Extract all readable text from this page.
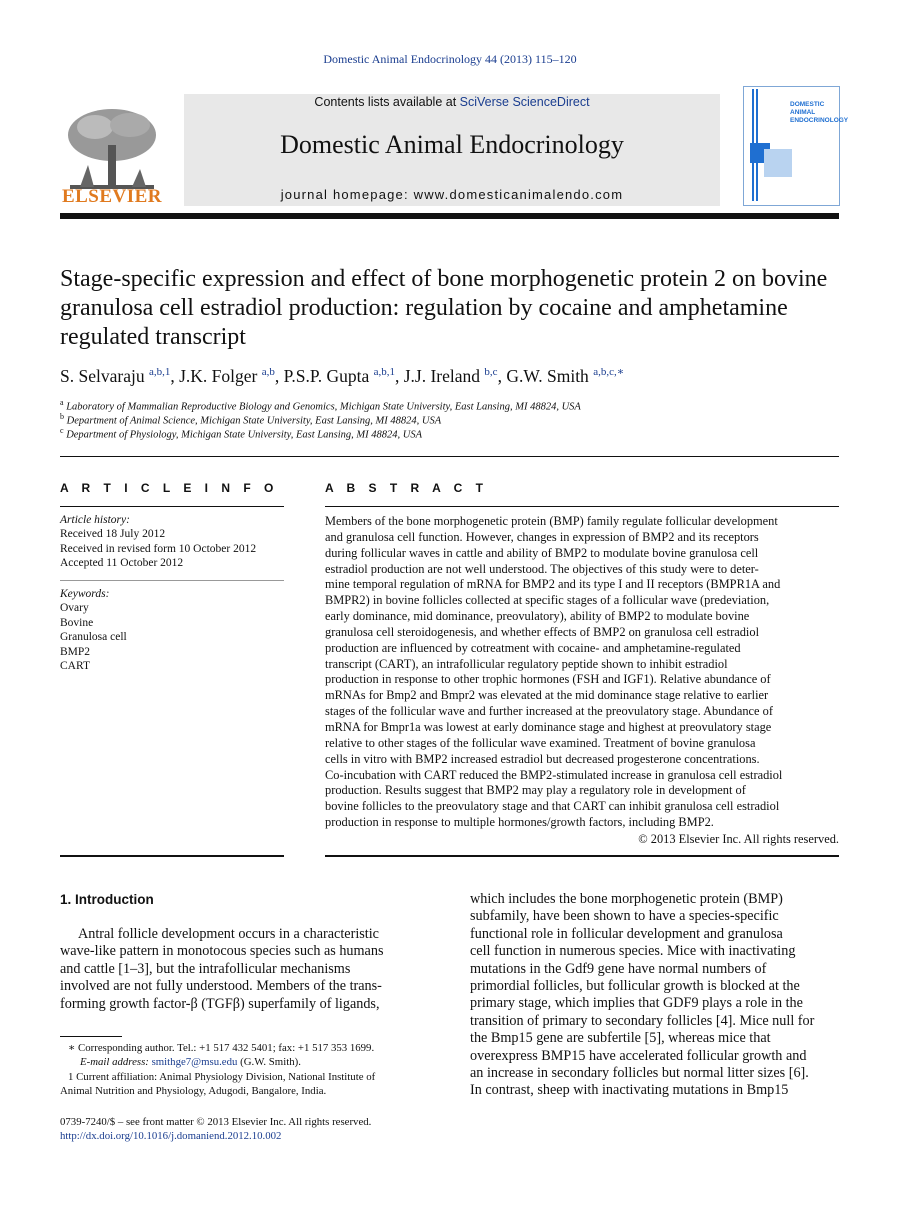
Domestic Animal Endocrinology 44 (2013) 115–120
ELSEVIER
Contents lists available at SciVerse ScienceDirect
Domestic Animal Endocrinology
journal homepage: www.domesticanimalendo.com
DOMESTIC ANIMAL ENDOCRINOLOGY
Stage-specific expression and effect of bone morphogenetic protein 2 on bovine granulosa cell estradiol production: regulation by cocaine and amphetamine regulated transcript
S. Selvaraju $^{a,b,1}$, J.K. Folger $^{a,b}$, P.S.P. Gupta $^{a,b,1}$, J.J. Ireland $^{b,c}$, G.W. Smith $^{a,b,c,∗}$
$^a$ Laboratory of Mammalian Reproductive Biology and Genomics, Michigan State University, East Lansing, MI 48824, USA
$^b$ Department of Animal Science, Michigan State University, East Lansing, MI 48824, USA
$^c$ Department of Physiology, Michigan State University, East Lansing, MI 48824, USA
A R T I C L E I N F O
Article history:
Received 18 July 2012
Received in revised form 10 October 2012
Accepted 11 October 2012
Keywords:
Ovary
Bovine
Granulosa cell
BMP2
CART
A B S T R A C T
Members of the bone morphogenetic protein (BMP) family regulate follicular development
and granulosa cell function. However, changes in expression of BMP2 and its receptors
during follicular waves in cattle and ability of BMP2 to modulate bovine granulosa cell
estradiol production are not well understood. The objectives of this study were to deter-
mine temporal regulation of mRNA for BMP2 and its type I and II receptors (BMPR1A and
BMPR2) in bovine follicles collected at specific stages of a follicular wave (predeviation,
early dominance, mid dominance, preovulatory), ability of BMP2 to modulate bovine
granulosa cell steroidogenesis, and whether effects of BMP2 on granulosa cell estradiol
production are influenced by cotreatment with cocaine- and amphetamine-regulated
transcript (CART), an intrafollicular regulatory peptide shown to inhibit estradiol
production in response to other trophic hormones (FSH and IGF1). Relative abundance of
mRNAs for Bmp2 and Bmpr2 was elevated at the mid dominance stage relative to earlier
stages of the follicular wave and further increased at the preovulatory stage. Abundance of
mRNA for Bmpr1a was lowest at early dominance stage and highest at preovulatory stage
relative to other stages of the follicular wave examined. Treatment of bovine granulosa
cells in vitro with BMP2 increased estradiol but decreased progesterone concentrations.
Co-incubation with CART reduced the BMP2-stimulated increase in granulosa cell estradiol
production. Results suggest that BMP2 may play a regulatory role in development of
bovine follicles to the preovulatory stage and that CART can inhibit granulosa cell estradiol
production in response to multiple hormones/growth factors, including BMP2.
© 2013 Elsevier Inc. All rights reserved.
1. Introduction
Antral follicle development occurs in a characteristic
wave-like pattern in monotocous species such as humans
and cattle [1–3], but the intrafollicular mechanisms
involved are not fully understood. Members of the trans-
forming growth factor-β (TGFβ) superfamily of ligands,
which includes the bone morphogenetic protein (BMP)
subfamily, have been shown to have a species-specific
functional role in follicular development and granulosa
cell function in numerous species. Mice with inactivating
mutations in the Gdf9 gene have normal numbers of
primordial follicles, but follicular growth is blocked at the
primary stage, which implies that GDF9 plays a role in the
transition of primary to secondary follicles [4]. Mice null for
the Bmp15 gene are subfertile [5], whereas mice that
overexpress BMP15 have accelerated follicular growth and
an increase in secondary follicles but normal litter sizes [6].
In contrast, sheep with inactivating mutations in Bmp15
∗ Corresponding author. Tel.: +1 517 432 5401; fax: +1 517 353 1699.
E-mail address: smithge7@msu.edu (G.W. Smith).
1 Current affiliation: Animal Physiology Division, National Institute of
Animal Nutrition and Physiology, Adugodi, Bangalore, India.
0739-7240/$ – see front matter © 2013 Elsevier Inc. All rights reserved.
http://dx.doi.org/10.1016/j.domaniend.2012.10.002
